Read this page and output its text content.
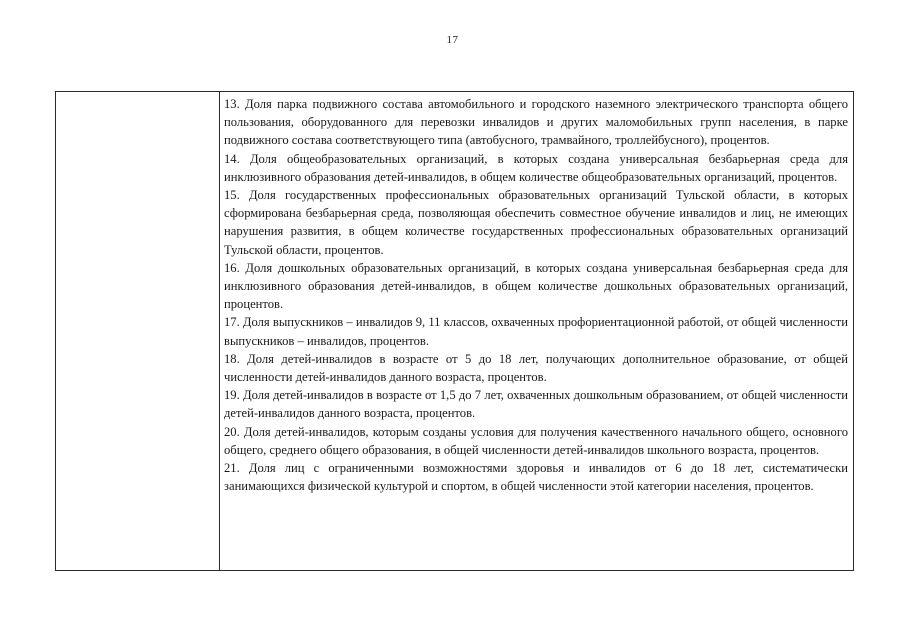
17

13. Доля парка подвижного состава автомобильного и городского наземного электрического транспорта общего пользования, оборудованного для перевозки инвалидов и других маломобильных групп населения, в парке подвижного состава соответствующего типа (автобусного, трамвайного, троллейбусного), процентов.

14. Доля общеобразовательных организаций, в которых создана универсальная безбарьерная среда для инклюзивного образования детей-инвалидов, в общем количестве общеобразовательных организаций, процентов.

15. Доля государственных профессиональных образовательных организаций Тульской области, в которых сформирована безбарьерная среда, позволяющая обеспечить совместное обучение инвалидов и лиц, не имеющих нарушения развития, в общем количестве государственных профессиональных образовательных организаций Тульской области, процентов.

16. Доля дошкольных образовательных организаций, в которых создана универсальная безбарьерная среда для инклюзивного образования детей-инвалидов, в общем количестве дошкольных образовательных организаций, процентов.

17. Доля выпускников – инвалидов 9, 11 классов, охваченных профориентационной работой, от общей численности выпускников – инвалидов, процентов.

18. Доля детей-инвалидов в возрасте от 5 до 18 лет, получающих дополнительное образование, от общей численности детей-инвалидов данного возраста, процентов.

19. Доля детей-инвалидов в возрасте от 1,5 до 7 лет, охваченных дошкольным образованием, от общей численности детей-инвалидов данного возраста, процентов.

20. Доля детей-инвалидов, которым созданы условия для получения качественного начального общего, основного общего, среднего общего образования, в общей численности детей-инвалидов школьного возраста, процентов.

21. Доля лиц с ограниченными возможностями здоровья и инвалидов от 6 до 18 лет, систематически занимающихся физической культурой и спортом, в общей численности этой категории населения, процентов.
